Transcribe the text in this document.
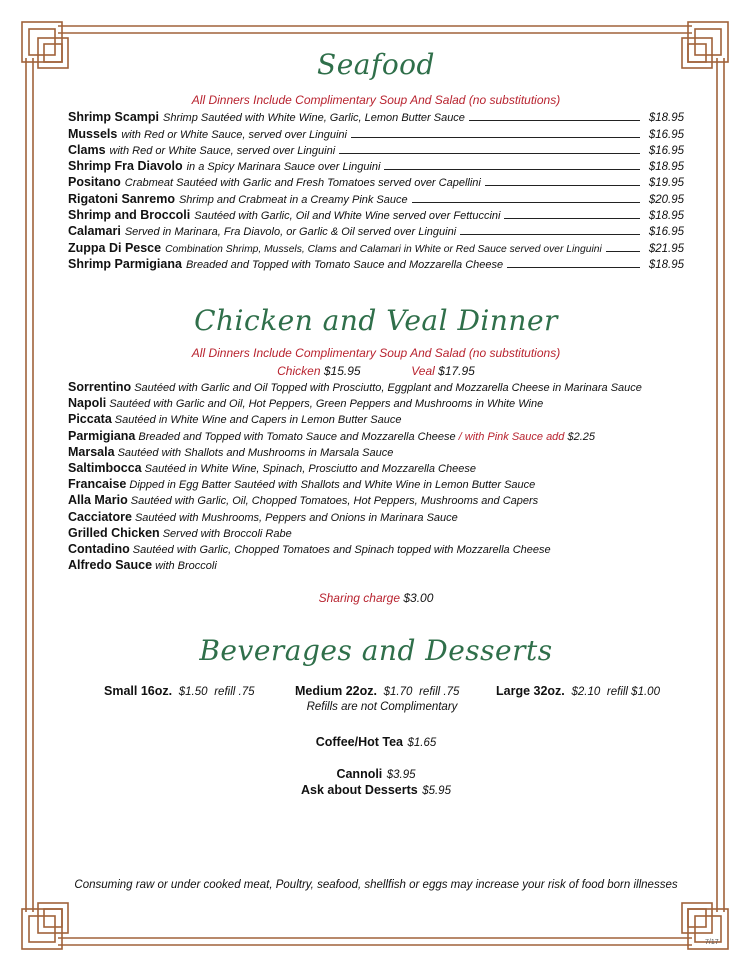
Seafood
All Dinners Include Complimentary Soup And Salad (no substitutions)
Shrimp Scampi Shrimp Sautéed with White Wine, Garlic, Lemon Butter Sauce	$18.95
Mussels with Red or White Sauce, served over Linguini	$16.95
Clams with Red or White Sauce, served over Linguini	$16.95
Shrimp Fra Diavolo in a Spicy Marinara Sauce over Linguini	$18.95
Positano Crabmeat Sautéed with Garlic and Fresh Tomatoes served over Capellini	$19.95
Rigatoni Sanremo Shrimp and Crabmeat in a Creamy Pink Sauce	$20.95
Shrimp and Broccoli Sautéed with Garlic, Oil and White Wine served over Fettuccini	$18.95
Calamari Served in Marinara, Fra Diavolo, or Garlic & Oil served over Linguini	$16.95
Zuppa Di Pesce Combination Shrimp, Mussels, Clams and Calamari in White or Red Sauce served over Linguini	$21.95
Shrimp Parmigiana Breaded and Topped with Tomato Sauce and Mozzarella Cheese	$18.95
Chicken and Veal Dinner
All Dinners Include Complimentary Soup And Salad (no substitutions)
Chicken $15.95	Veal $17.95
Sorrentino Sautéed with Garlic and Oil Topped with Prosciutto, Eggplant and Mozzarella Cheese in Marinara Sauce
Napoli Sautéed with Garlic and Oil, Hot Peppers, Green Peppers and Mushrooms in White Wine
Piccata Sautéed in White Wine and Capers in Lemon Butter Sauce
Parmigiana Breaded and Topped with Tomato Sauce and Mozzarella Cheese / with Pink Sauce add $2.25
Marsala Sautéed with Shallots and Mushrooms in Marsala Sauce
Saltimbocca Sautéed in White Wine, Spinach, Prosciutto and Mozzarella Cheese
Francaise Dipped in Egg Batter Sautéed with Shallots and White Wine in Lemon Butter Sauce
Alla Mario Sautéed with Garlic, Oil, Chopped Tomatoes, Hot Peppers, Mushrooms and Capers
Cacciatore Sautéed with Mushrooms, Peppers and Onions in Marinara Sauce
Grilled Chicken Served with Broccoli Rabe
Contadino Sautéed with Garlic, Chopped Tomatoes and Spinach topped with Mozzarella Cheese
Alfredo Sauce with Broccoli
Sharing charge $3.00
Beverages and Desserts
Small 16oz. $1.50 refill .75	Medium 22oz. $1.70 refill .75	Large 32oz. $2.10 refill $1.00
Refills are not Complimentary
Coffee/Hot Tea $1.65
Cannoli $3.95
Ask about Desserts $5.95
Consuming raw or under cooked meat, Poultry, seafood, shellfish or eggs may increase your risk of food born illnesses
7/17
